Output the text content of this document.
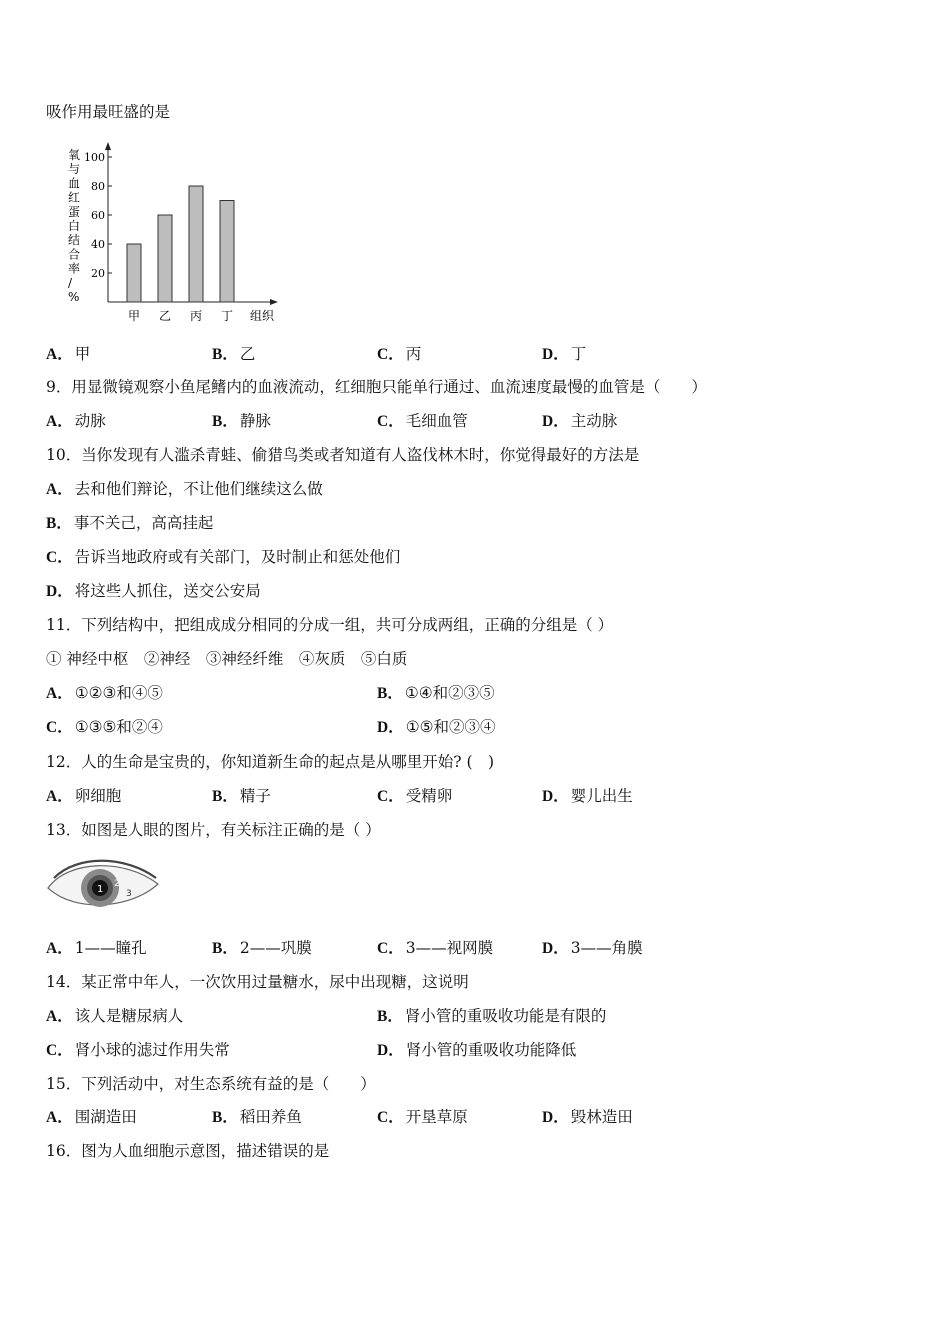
吸作用最旺盛的是
氧与血红蛋白结合率/ %
20
40
60
80
100
甲 乙 丙 丁 组织
A． 甲	B． 乙	C． 丙	D． 丁
9．用显微镜观察小鱼尾鳍内的血液流动，红细胞只能单行通过、血流速度最慢的血管是（　　）
A． 动脉	B． 静脉	C． 毛细血管	D． 主动脉
10．当你发现有人滥杀青蛙、偷猎鸟类或者知道有人盗伐林木时，你觉得最好的方法是
A． 去和他们辩论，不让他们继续这么做
B． 事不关己，高高挂起
C． 告诉当地政府或有关部门，及时制止和惩处他们
D． 将这些人抓住，送交公安局
11．下列结构中，把组成成分相同的分成一组，共可分成两组，正确的分组是（ ）
① 神经中枢　②神经　③神经纤维　④灰质　⑤白质
A． ①②③和④⑤	B． ①④和②③⑤
C． ①③⑤和②④	D． ①⑤和②③④
12．人的生命是宝贵的，你知道新生命的起点是从哪里开始? (　)
A． 卵细胞	B． 精子	C． 受精卵	D． 婴儿出生
13．如图是人眼的图片，有关标注正确的是（ ）
1 2
3
A． 1——瞳孔	B． 2——巩膜	C． 3——视网膜	D． 3——角膜
14．某正常中年人，一次饮用过量糖水，尿中出现糖，这说明
A． 该人是糖尿病人	B． 肾小管的重吸收功能是有限的
C． 肾小球的滤过作用失常	D． 肾小管的重吸收功能降低
15．下列活动中，对生态系统有益的是（　　）
A． 围湖造田	B． 稻田养鱼	C． 开垦草原	D． 毁林造田
16．图为人血细胞示意图，描述错误的是
